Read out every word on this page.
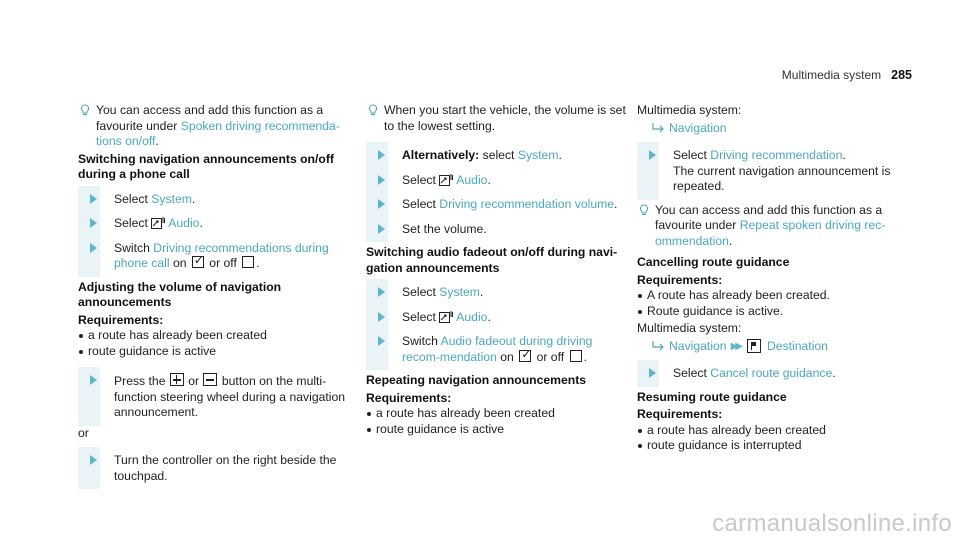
Multimedia system 285
You can access and add this function as a favourite under Spoken driving recommenda-tions on/off.
Switching navigation announcements on/off during a phone call
Select System.
Select Audio.
Switch Driving recommendations during phone call on ✓ or off .
Adjusting the volume of navigation announcements
Requirements:
a route has already been created
route guidance is active
Press the  or  button on the multi-function steering wheel during a navigation announcement.
or
Turn the controller on the right beside the touchpad.
When you start the vehicle, the volume is set to the lowest setting.
Alternatively: select System.
Select Audio.
Select Driving recommendation volume.
Set the volume.
Switching audio fadeout on/off during navi-gation announcements
Select System.
Select Audio.
Switch Audio fadeout during driving recom-mendation on ✓ or off .
Repeating navigation announcements
Requirements:
a route has already been created
route guidance is active
Multimedia system:
Navigation
Select Driving recommendation.
The current navigation announcement is repeated.
You can access and add this function as a favourite under Repeat spoken driving rec-ommendation.
Cancelling route guidance
Requirements:
A route has already been created.
Route guidance is active.
Multimedia system:
Navigation ▶▶ Destination
Select Cancel route guidance.
Resuming route guidance
Requirements:
a route has already been created
route guidance is interrupted
carmanualsonline.info
